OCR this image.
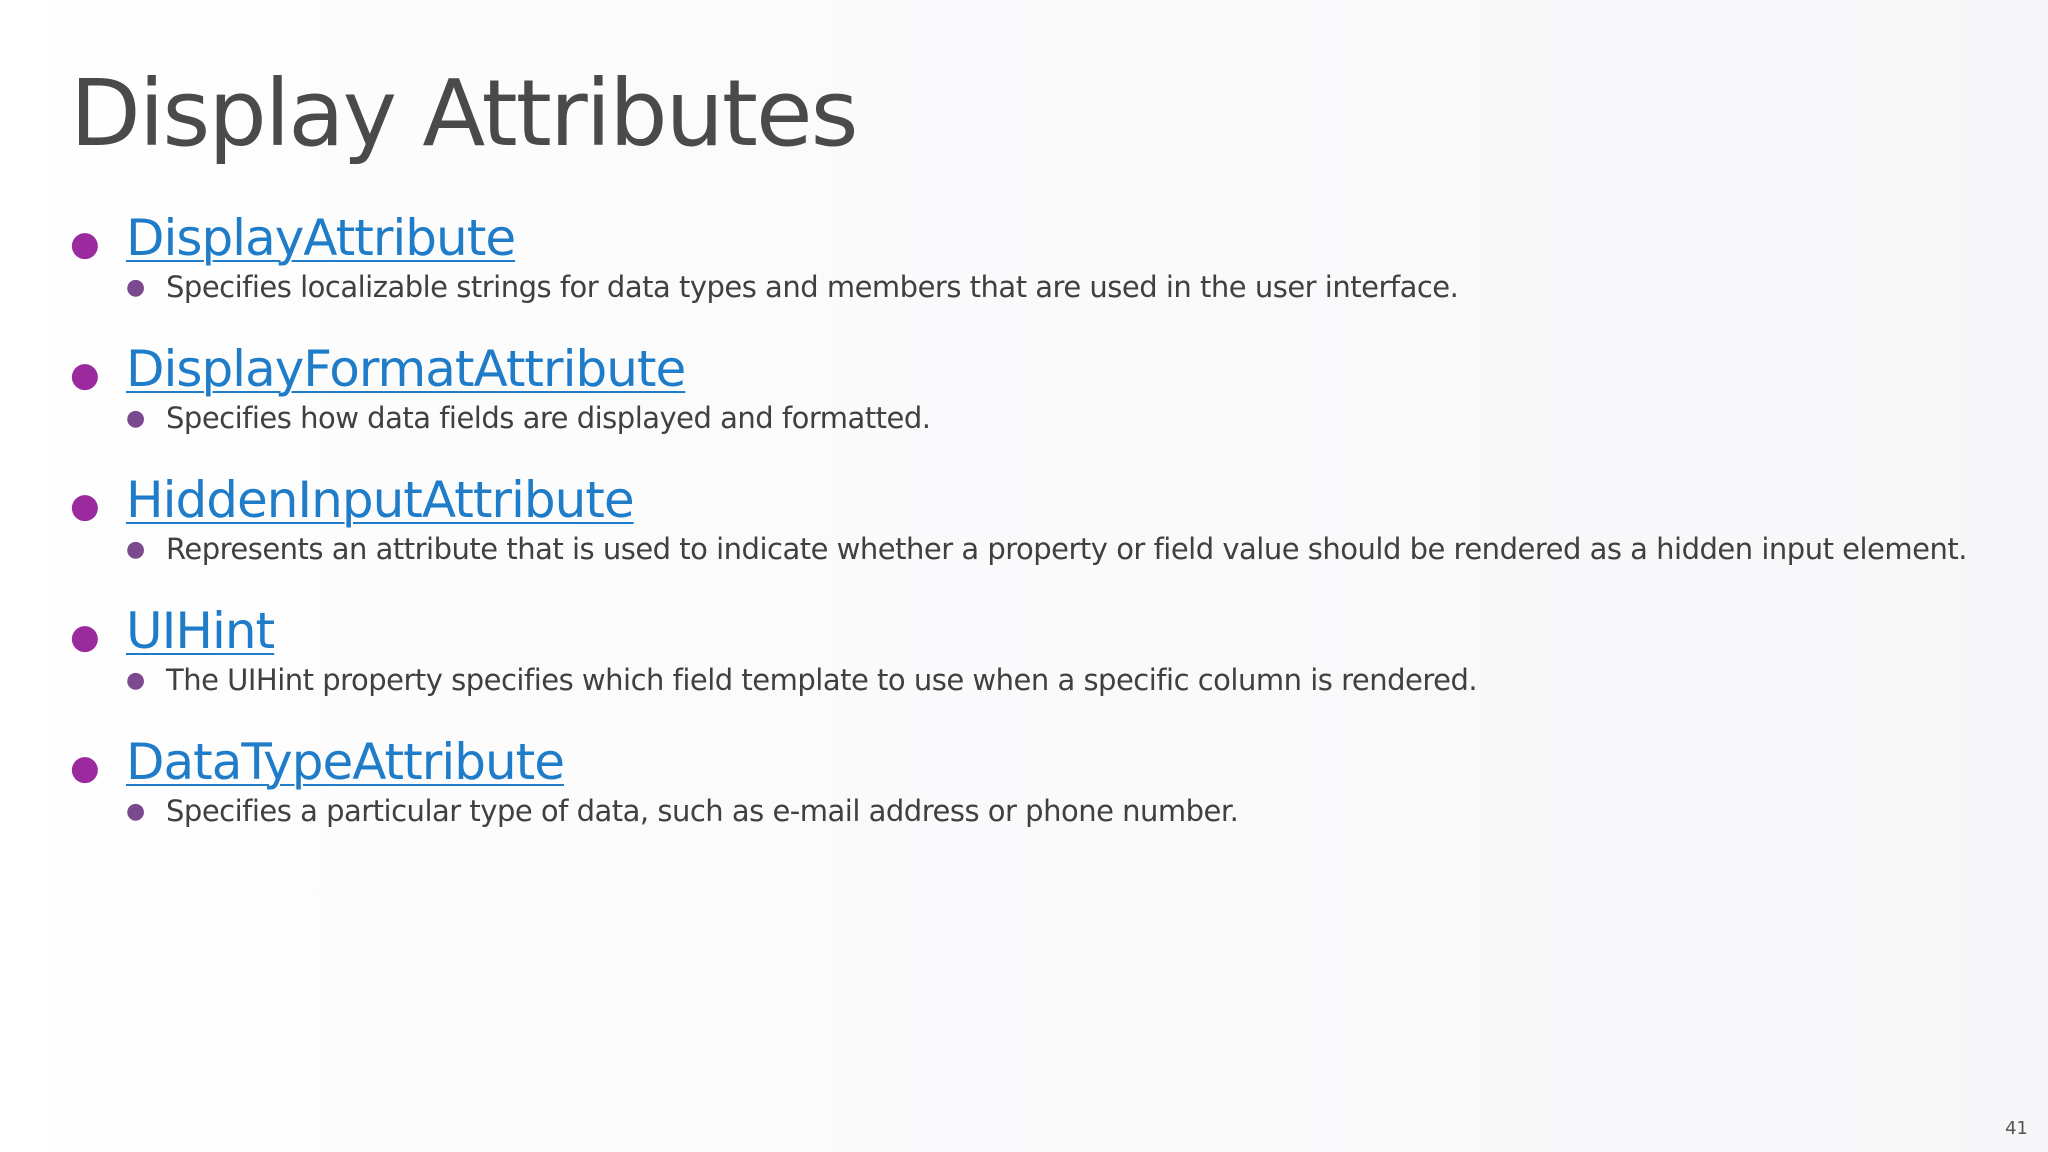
Display Attributes
● DisplayAttribute
● Specifies localizable strings for data types and members that are used in the user interface.
● DisplayFormatAttribute
● Specifies how data fields are displayed and formatted.
● HiddenInputAttribute
● Represents an attribute that is used to indicate whether a property or field value should be rendered as a hidden input element.
● UIHint
● The UIHint property specifies which field template to use when a specific column is rendered.
● DataTypeAttribute
● Specifies a particular type of data, such as e-mail address or phone number.
41
